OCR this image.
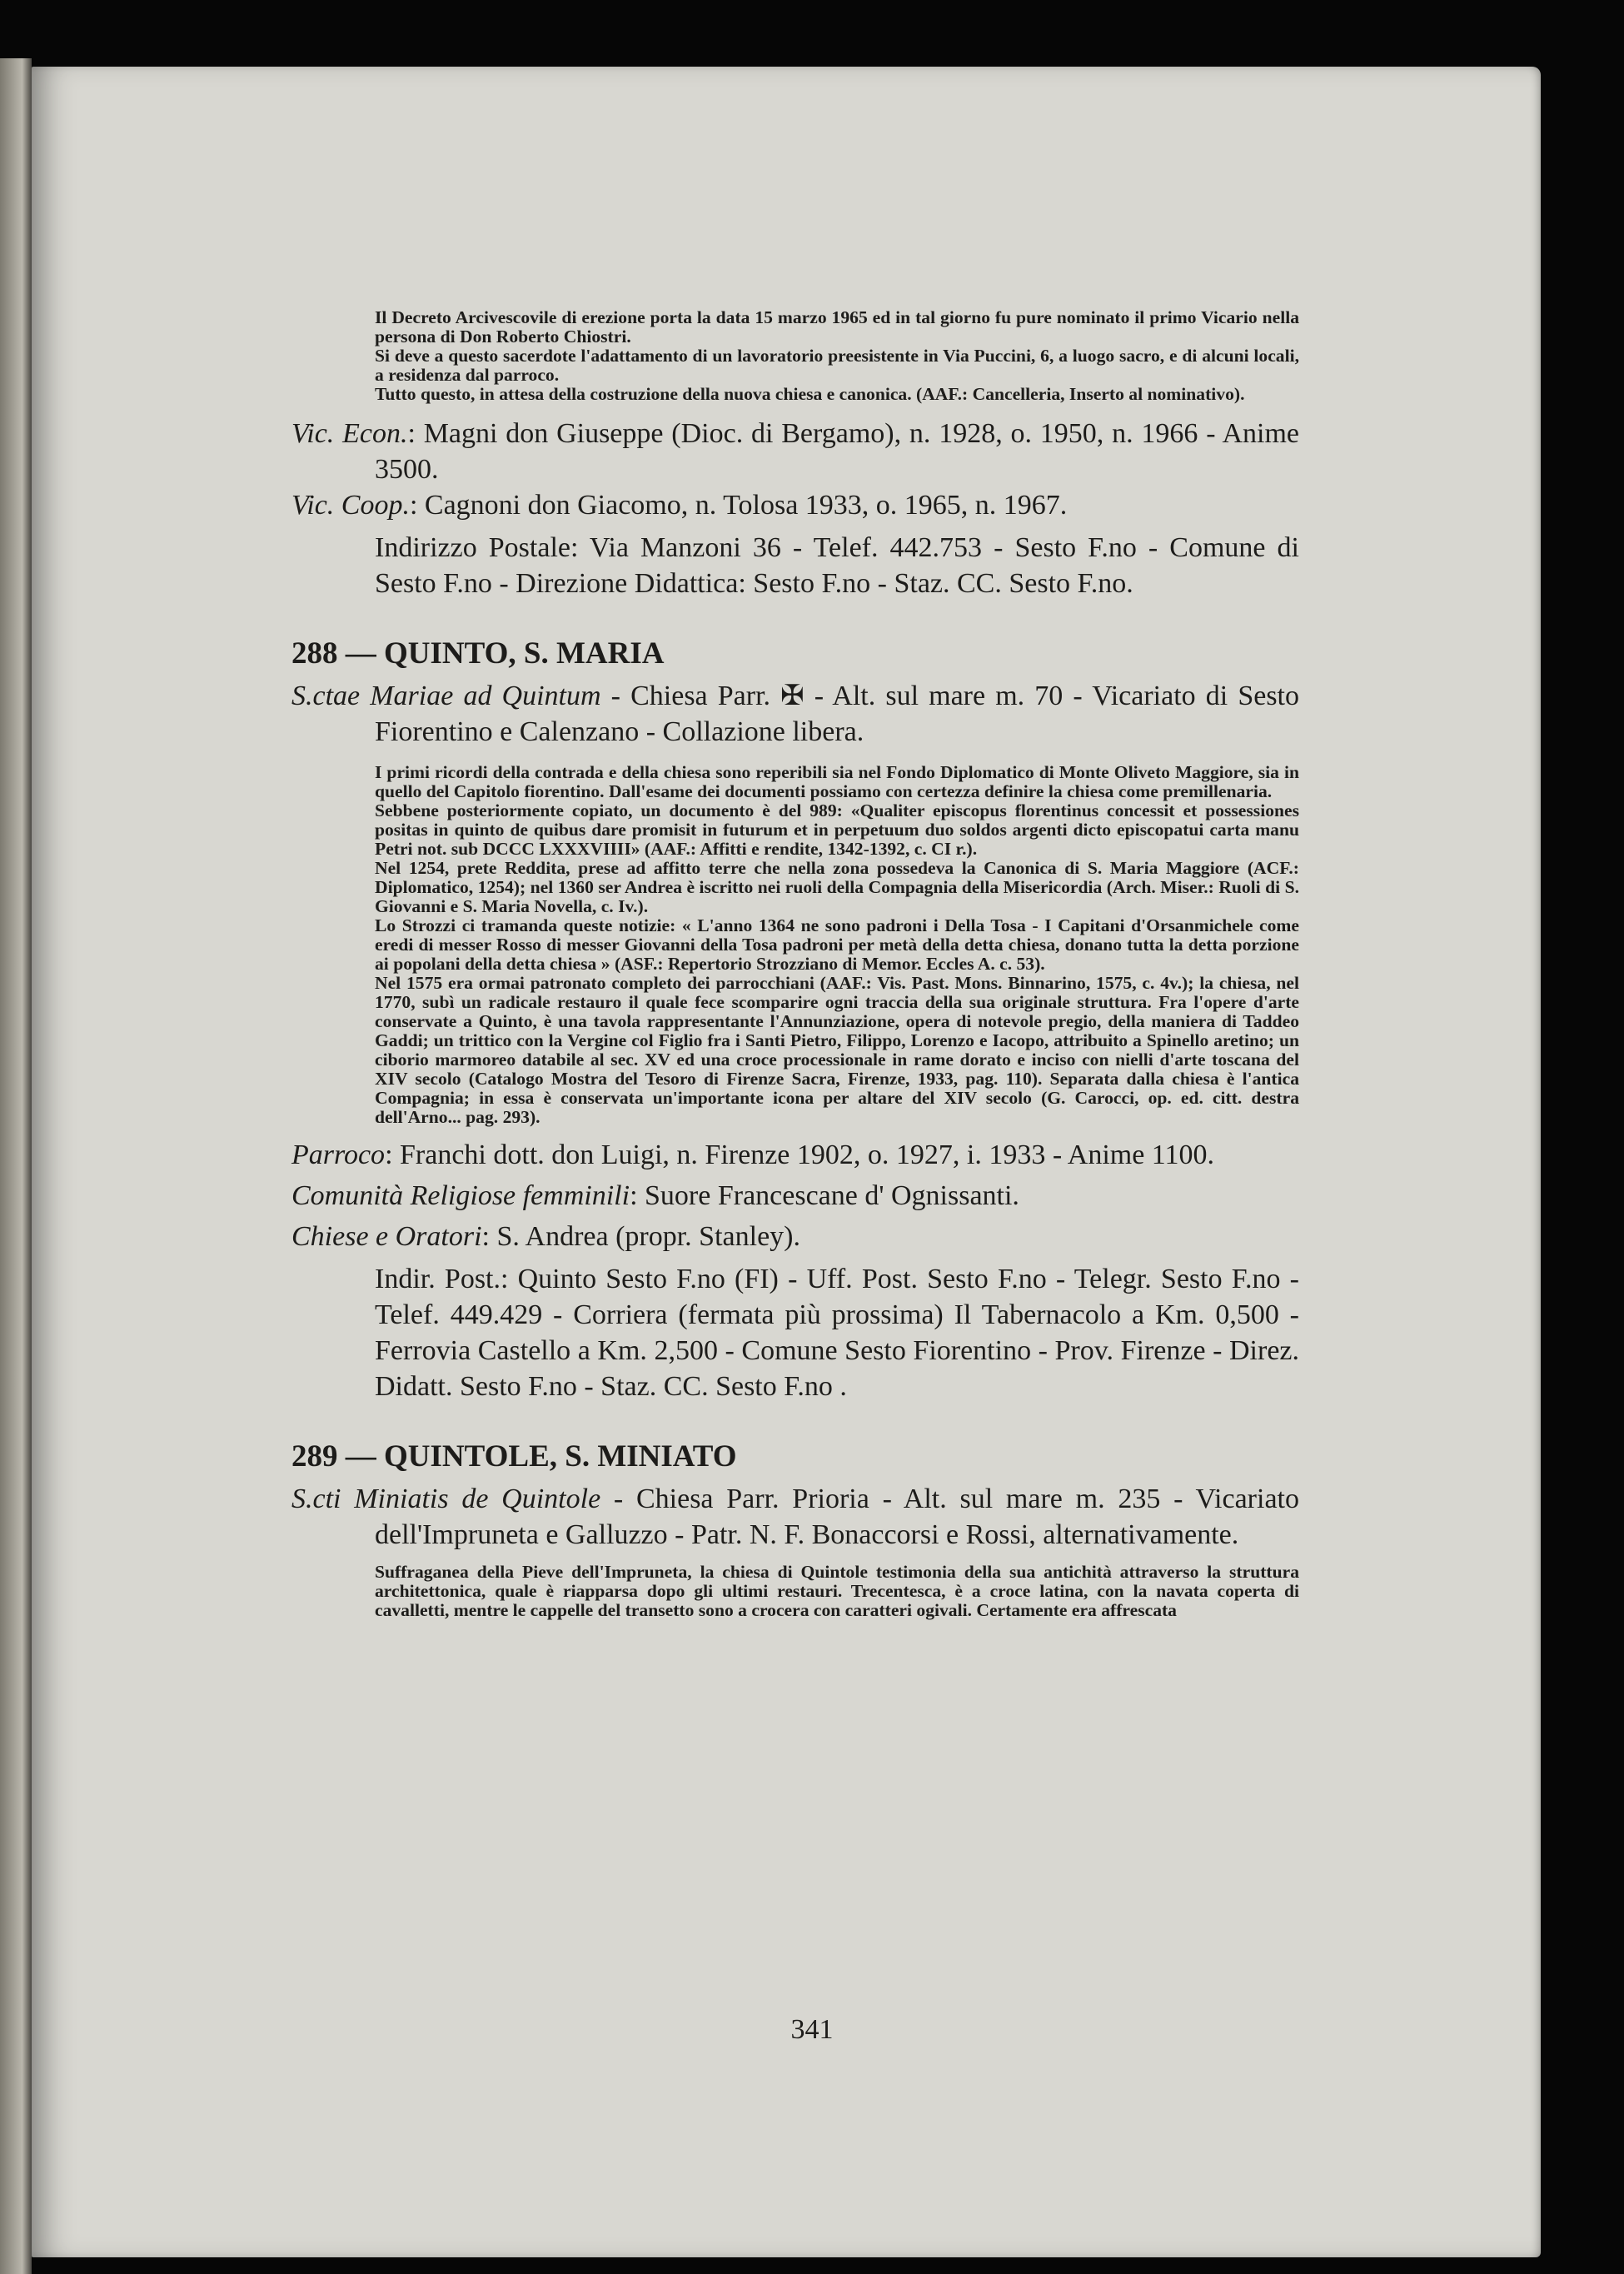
Il Decreto Arcivescovile di erezione porta la data 15 marzo 1965 ed in tal giorno fu pure nominato il primo Vicario nella persona di Don Roberto Chiostri.

Si deve a questo sacerdote l'adattamento di un lavoratorio preesistente in Via Puccini, 6, a luogo sacro, e di alcuni locali, a residenza dal parroco.

Tutto questo, in attesa della costruzione della nuova chiesa e canonica. (AAF.: Cancelleria, Inserto al nominativo).

Vic. Econ.: Magni don Giuseppe (Dioc. di Bergamo), n. 1928, o. 1950, n. 1966 - Anime 3500.

Vic. Coop.: Cagnoni don Giacomo, n. Tolosa 1933, o. 1965, n. 1967.

Indirizzo Postale: Via Manzoni 36 - Telef. 442.753 - Sesto F.no - Comune di Sesto F.no - Direzione Didattica: Sesto F.no - Staz. CC. Sesto F.no.

288 — QUINTO, S. MARIA

S.ctae Mariae ad Quintum - Chiesa Parr. ✠ - Alt. sul mare m. 70 - Vicariato di Sesto Fiorentino e Calenzano - Collazione libera.

I primi ricordi della contrada e della chiesa sono reperibili sia nel Fondo Diplomatico di Monte Oliveto Maggiore, sia in quello del Capitolo fiorentino. Dall'esame dei documenti possiamo con certezza definire la chiesa come premillenaria.

Sebbene posteriormente copiato, un documento è del 989: «Qualiter episcopus florentinus concessit et possessiones positas in quinto de quibus dare promisit in futurum et in perpetuum duo soldos argenti dicto episcopatui carta manu Petri not. sub DCCC LXXXVIIII» (AAF.: Affitti e rendite, 1342-1392, c. CI r.).

Nel 1254, prete Reddita, prese ad affitto terre che nella zona possedeva la Canonica di S. Maria Maggiore (ACF.: Diplomatico, 1254); nel 1360 ser Andrea è iscritto nei ruoli della Compagnia della Misericordia (Arch. Miser.: Ruoli di S. Giovanni e S. Maria Novella, c. Iv.).

Lo Strozzi ci tramanda queste notizie: « L'anno 1364 ne sono padroni i Della Tosa - I Capitani d'Orsanmichele come eredi di messer Rosso di messer Giovanni della Tosa padroni per metà della detta chiesa, donano tutta la detta porzione ai popolani della detta chiesa » (ASF.: Repertorio Strozziano di Memor. Eccles A. c. 53).

Nel 1575 era ormai patronato completo dei parrocchiani (AAF.: Vis. Past. Mons. Binnarino, 1575, c. 4v.); la chiesa, nel 1770, subì un radicale restauro il quale fece scomparire ogni traccia della sua originale struttura. Fra l'opere d'arte conservate a Quinto, è una tavola rappresentante l'Annunziazione, opera di notevole pregio, della maniera di Taddeo Gaddi; un trittico con la Vergine col Figlio fra i Santi Pietro, Filippo, Lorenzo e Iacopo, attribuito a Spinello aretino; un ciborio marmoreo databile al sec. XV ed una croce processionale in rame dorato e inciso con nielli d'arte toscana del XIV secolo (Catalogo Mostra del Tesoro di Firenze Sacra, Firenze, 1933, pag. 110). Separata dalla chiesa è l'antica Compagnia; in essa è conservata un'importante icona per altare del XIV secolo (G. Carocci, op. ed. citt. destra dell'Arno... pag. 293).

Parroco: Franchi dott. don Luigi, n. Firenze 1902, o. 1927, i. 1933 - Anime 1100.

Comunità Religiose femminili: Suore Francescane d' Ognissanti.

Chiese e Oratori: S. Andrea (propr. Stanley).

Indir. Post.: Quinto Sesto F.no (FI) - Uff. Post. Sesto F.no - Telegr. Sesto F.no - Telef. 449.429 - Corriera (fermata più prossima) Il Tabernacolo a Km. 0,500 - Ferrovia Castello a Km. 2,500 - Comune Sesto Fiorentino - Prov. Firenze - Direz. Didatt. Sesto F.no - Staz. CC. Sesto F.no .

289 — QUINTOLE, S. MINIATO

S.cti Miniatis de Quintole - Chiesa Parr. Prioria - Alt. sul mare m. 235 - Vicariato dell'Impruneta e Galluzzo - Patr. N. F. Bonaccorsi e Rossi, alternativamente.

Suffraganea della Pieve dell'Impruneta, la chiesa di Quintole testimonia della sua antichità attraverso la struttura architettonica, quale è riapparsa dopo gli ultimi restauri. Trecentesca, è a croce latina, con la navata coperta di cavalletti, mentre le cappelle del transetto sono a crocera con caratteri ogivali. Certamente era affrescata

341
